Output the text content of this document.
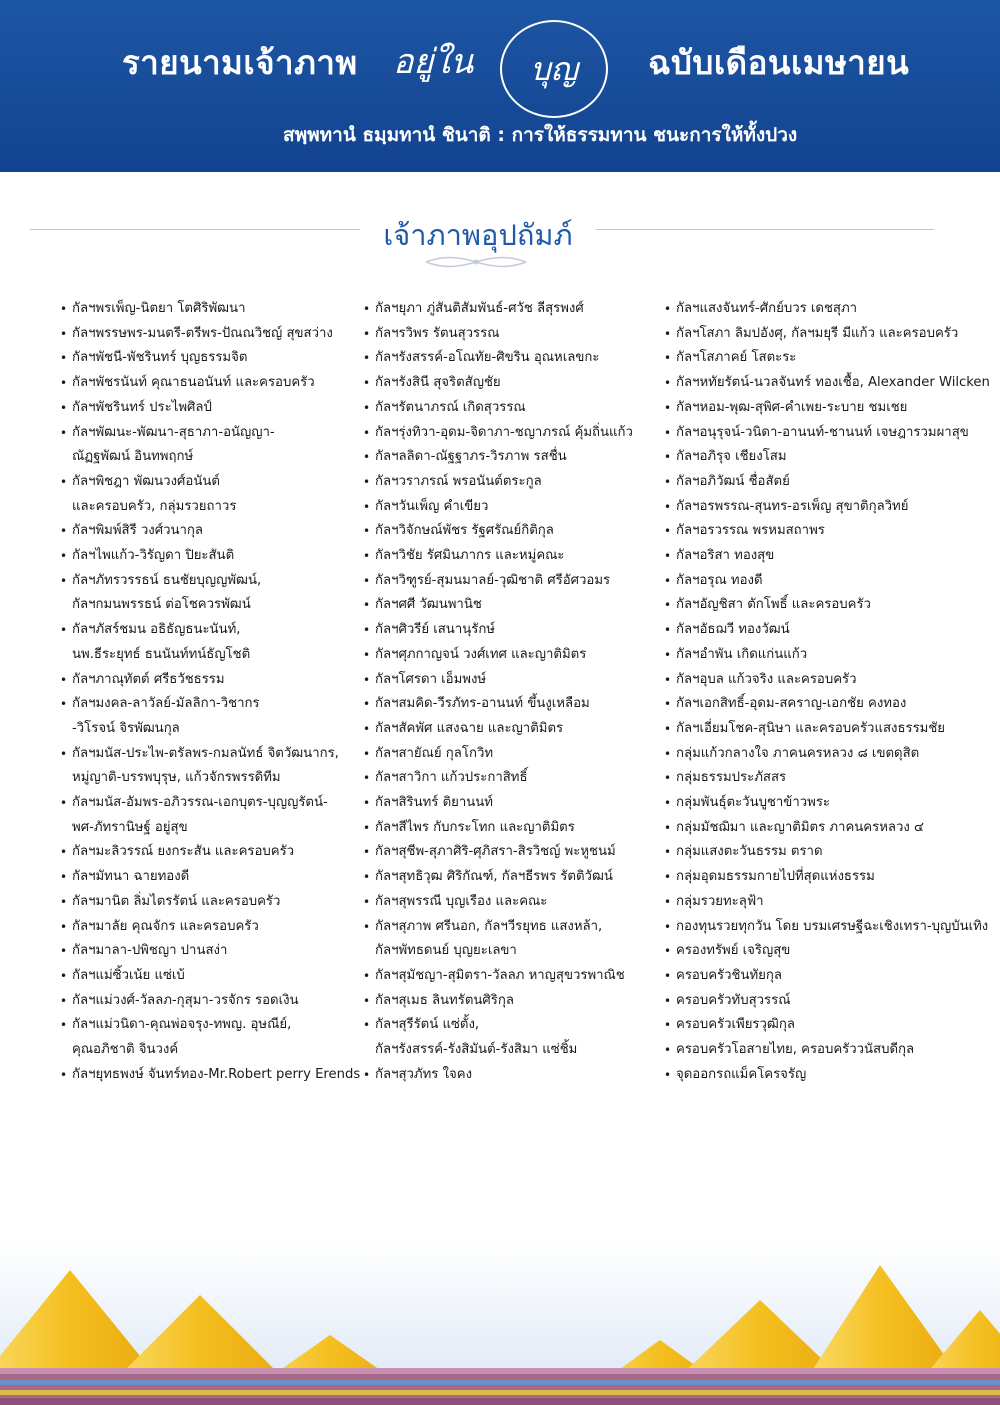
รายนามเจ้าภาพ อยู่ใน	บุญ	ฉบับเดือนเมษายน
สพฺพทานํ ธมฺมทานํ ชินาติ : การให้ธรรมทาน ชนะการให้ทั้งปวง
เจ้าภาพอุปถัมภ์
• กัลฯพรเพ็ญ-นิตยา โตศิริพัฒนา
• กัลฯพรรษพร-มนตรี-ตรีพร-ปัณณวิชญ์ สุขสว่าง
• กัลฯพัชนี-พัชรินทร์ บุญธรรมจิต
• กัลฯพัชรนันท์ คุณาธนอนันท์ และครอบครัว
• กัลฯพัชรินทร์ ประไพศิลป์
• กัลฯพัฒนะ-พัฒนา-สุธาภา-อนัญญา-
ณัฏฐพัฒน์ อินทพฤกษ์
• กัลฯพิชฎา พัฒนวงศ์อนันต์
และครอบครัว, กลุ่มรวยถาวร
• กัลฯพิมพ์สิรี วงศ์วนากุล
• กัลฯไพแก้ว-วิรัญดา ปิยะสันติ
• กัลฯภัทรวรรธน์ ธนชัยบุญญพัฒน์,
กัลฯกมนพรรธน์ ต่อโชควรพัฒน์
• กัลฯภัสร์ชมน อธิธัญธนะนันท์,
นพ.ธีระยุทธ์ ธนนันท์ทน์ธัญโชติ
• กัลฯภาณุทัตต์ ศรีธวัชธรรม
• กัลฯมงคล-ลาวัลย์-มัลลิกา-วิชากร
-วิโรจน์ จิรพัฒนกุล
• กัลฯมนัส-ประไพ-ตรัลพร-กมลนัทธ์ จิตวัฒนากร,
หมู่ญาติ-บรรพบุรุษ, แก้วจักรพรรดิทีม
• กัลฯมนัส-อัมพร-อภิวรรณ-เอกบุตร-บุญญรัตน์-
พศ-ภัทรานิษฐ์ อยู่สุข
• กัลฯมะลิวรรณ์ ยงกระสัน และครอบครัว
• กัลฯมัทนา ฉายทองดี
• กัลฯมานิต ลิ่มไตรรัตน์ และครอบครัว
• กัลฯมาลัย คุณจักร และครอบครัว
• กัลฯมาลา-ปพิชญา ปานสง่า
• กัลฯแม่ซิ้วเน้ย แซ่เบ้
• กัลฯแม่วงศ์-วัลลภ-กุสุมา-วรจักร รอดเงิน
• กัลฯแม่วนิดา-คุณพ่อจรุง-ทพญ. อุษณีย์,
คุณอภิชาติ จินวงค์
• กัลฯยุทธพงษ์ จันทร์ทอง-Mr.Robert perry Erends
• กัลฯยุภา ภู่สันติสัมพันธ์-ศวัช ลีสุรพงศ์
• กัลฯรวิพร รัตนสุวรรณ
• กัลฯรังสรรค์-อโณทัย-ศิขริน อุณหเลขกะ
• กัลฯรังสินี สุจริตสัญชัย
• กัลฯรัตนาภรณ์ เกิดสุวรรณ
• กัลฯรุ่งทิวา-อุดม-จิดาภา-ชญาภรณ์ คุ้มถิ่นแก้ว
• กัลฯลลิดา-ณัฐฐาภร-วิรภาพ รสชื่น
• กัลฯวราภรณ์ พรอนันต์ตระกูล
• กัลฯวันเพ็ญ คำเขียว
• กัลฯวิจักษณ์พัชร รัฐศรัณย์กิติกุล
• กัลฯวิชัย รัศมินภากร และหมู่คณะ
• กัลฯวิฑูรย์-สุมนมาลย์-วุฒิชาติ ศรีอัศวอมร
• กัลฯศศี วัฒนพานิช
• กัลฯศิวรีย์ เสนานุรักษ์
• กัลฯศุภกาญจน์ วงศ์เทศ และญาติมิตร
• กัลฯโศรดา เอ็มพงษ์
• กัลฯสมคิด-วีรภัทร-อานนท์ ขึ้นงูเหลือม
• กัลฯสัคพัศ แสงฉาย และญาติมิตร
• กัลฯสายัณย์ กุลโกวิท
• กัลฯสาวิกา แก้วประกาสิทธิ์
• กัลฯสิรินทร์ ติยานนท์
• กัลฯสีไพร กับกระโทก และญาติมิตร
• กัลฯสุชีพ-สุภาศิริ-ศุภิสรา-สิรวิชญ์ พะหูชนม์
• กัลฯสุทธิวุฒ ศิริกัณฑ์, กัลฯธีรพร รัตติวัฒน์
• กัลฯสุพรรณี บุญเรือง และคณะ
• กัลฯสุภาพ ศรีนอก, กัลฯวีรยุทธ แสงหล้า,
กัลฯพัทธดนย์ บุญยะเลขา
• กัลฯสุมัชญา-สุมิตรา-วัลลภ หาญสุขวรพาณิช
• กัลฯสุเมธ ลินทรัตนศิริกุล
• กัลฯสุรีรัตน์ แซ่ตั้ง,
กัลฯรังสรรค์-รังสิมันต์-รังสิมา แซ่ชิ้ม
• กัลฯสุวภัทร ใจคง
• กัลฯแสงจันทร์-ศักย์บวร เดชสุภา
• กัลฯโสภา ลิมปอังศุ, กัลฯมยุรี มีแก้ว และครอบครัว
• กัลฯโสภาคย์ โสตะระ
• กัลฯหทัยรัตน์-นวลจันทร์ ทองเชื้อ, Alexander Wilcken
• กัลฯหอม-พุฒ-สุพิศ-คำเพย-ระบาย ชมเชย
• กัลฯอนุรุจน์-วนิดา-อานนท์-ชานนท์ เจษฎารวมผาสุข
• กัลฯอภิรุจ เชียงโสม
• กัลฯอภิวัฒน์ ชื่อสัตย์
• กัลฯอรพรรณ-สุนทร-อรเพ็ญ สุขาติกุลวิทย์
• กัลฯอรวรรณ พรหมสถาพร
• กัลฯอริสา ทองสุข
• กัลฯอรุณ ทองดี
• กัลฯอัญชิสา ตักโพธิ์ และครอบครัว
• กัลฯอัธฌวี ทองวัฒน์
• กัลฯอำพัน เกิดแก่นแก้ว
• กัลฯอุบล แก้วจริง และครอบครัว
• กัลฯเอกสิทธิ์-อุดม-สคราญ-เอกชัย คงทอง
• กัลฯเอี่ยมโชค-สุนิษา และครอบครัวแสงธรรมชัย
• กลุ่มแก้วกลางใจ ภาคนครหลวง ๘ เขตดุสิต
• กลุ่มธรรมประภัสสร
• กลุ่มพันธุ์ตะวันบูชาข้าวพระ
• กลุ่มมัชฌิมา และญาติมิตร ภาคนครหลวง ๔
• กลุ่มแสงตะวันธรรม ตราด
• กลุ่มอุดมธรรมกายไปที่สุดแห่งธรรม
• กลุ่มรวยทะลุฟ้า
• กองทุนรวยทุกวัน โดย บรมเศรษฐีฉะเชิงเทรา-บุญบันเทิง
• ครองทรัพย์ เจริญสุข
• ครอบครัวชินทัยกุล
• ครอบครัวทับสุวรรณ์
• ครอบครัวเพียรวุฒิกุล
• ครอบครัวโอสายไทย, ครอบครัววนัสบดีกุล
• จุดออกรถแม็คโครจรัญ
